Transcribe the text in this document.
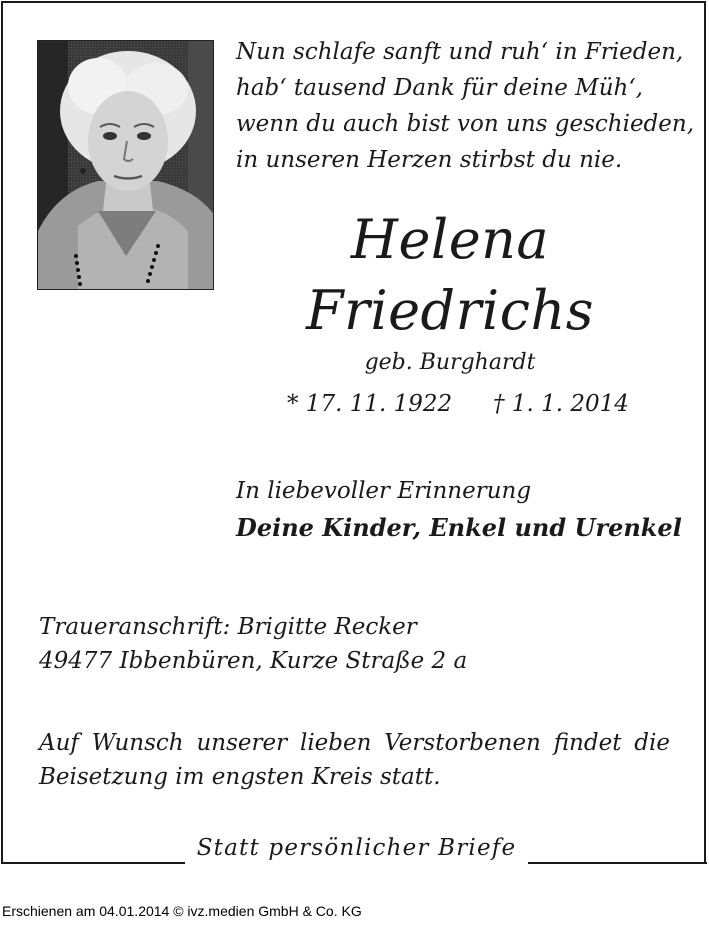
Nun schlafe sanft und ruh‘ in Frieden,
hab‘ tausend Dank für deine Müh‘,
wenn du auch bist von uns geschieden,
in unseren Herzen stirbst du nie.
Helena
Friedrichs
geb. Burghardt
* 17. 11. 1922 † 1. 1. 2014
In liebevoller Erinnerung
Deine Kinder, Enkel und Urenkel
Traueranschrift: Brigitte Recker
49477 Ibbenbüren, Kurze Straße 2 a
Auf Wunsch unserer lieben Verstorbenen findet die
Beisetzung im engsten Kreis statt.
Statt persönlicher Briefe
Erschienen am 04.01.2014 © ivz.medien GmbH & Co. KG
